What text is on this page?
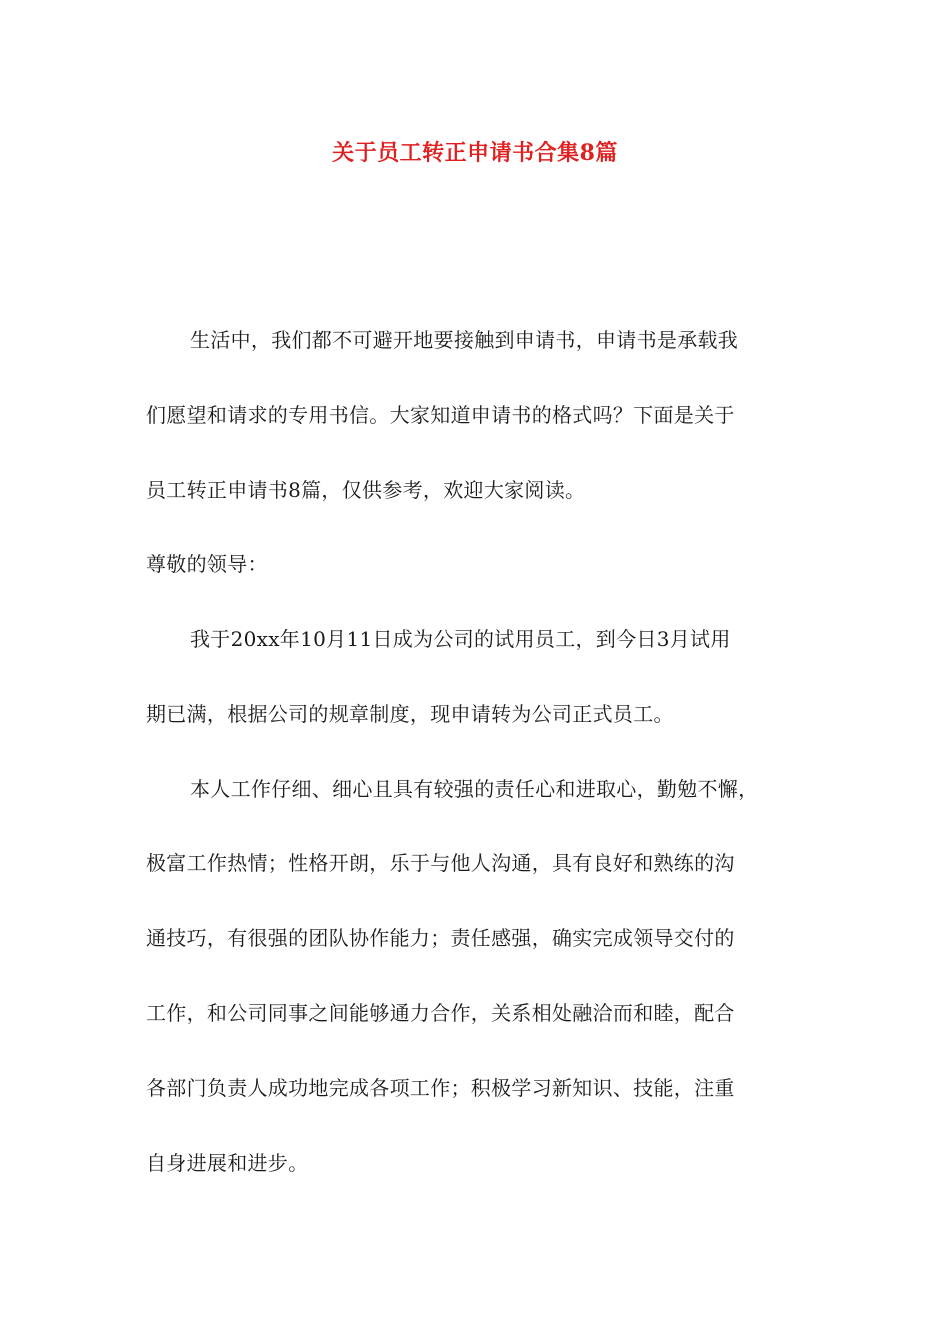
关于员工转正申请书合集8篇
生活中，我们都不可避开地要接触到申请书，申请书是承载我
们愿望和请求的专用书信。大家知道申请书的格式吗？下面是关于
员工转正申请书8篇，仅供参考，欢迎大家阅读。
尊敬的领导：
我于20xx年10月11日成为公司的试用员工，到今日3月试用
期已满，根据公司的规章制度，现申请转为公司正式员工。
本人工作仔细、细心且具有较强的责任心和进取心，勤勉不懈，
极富工作热情；性格开朗，乐于与他人沟通，具有良好和熟练的沟
通技巧，有很强的团队协作能力；责任感强，确实完成领导交付的
工作，和公司同事之间能够通力合作，关系相处融洽而和睦，配合
各部门负责人成功地完成各项工作；积极学习新知识、技能，注重
自身进展和进步。
